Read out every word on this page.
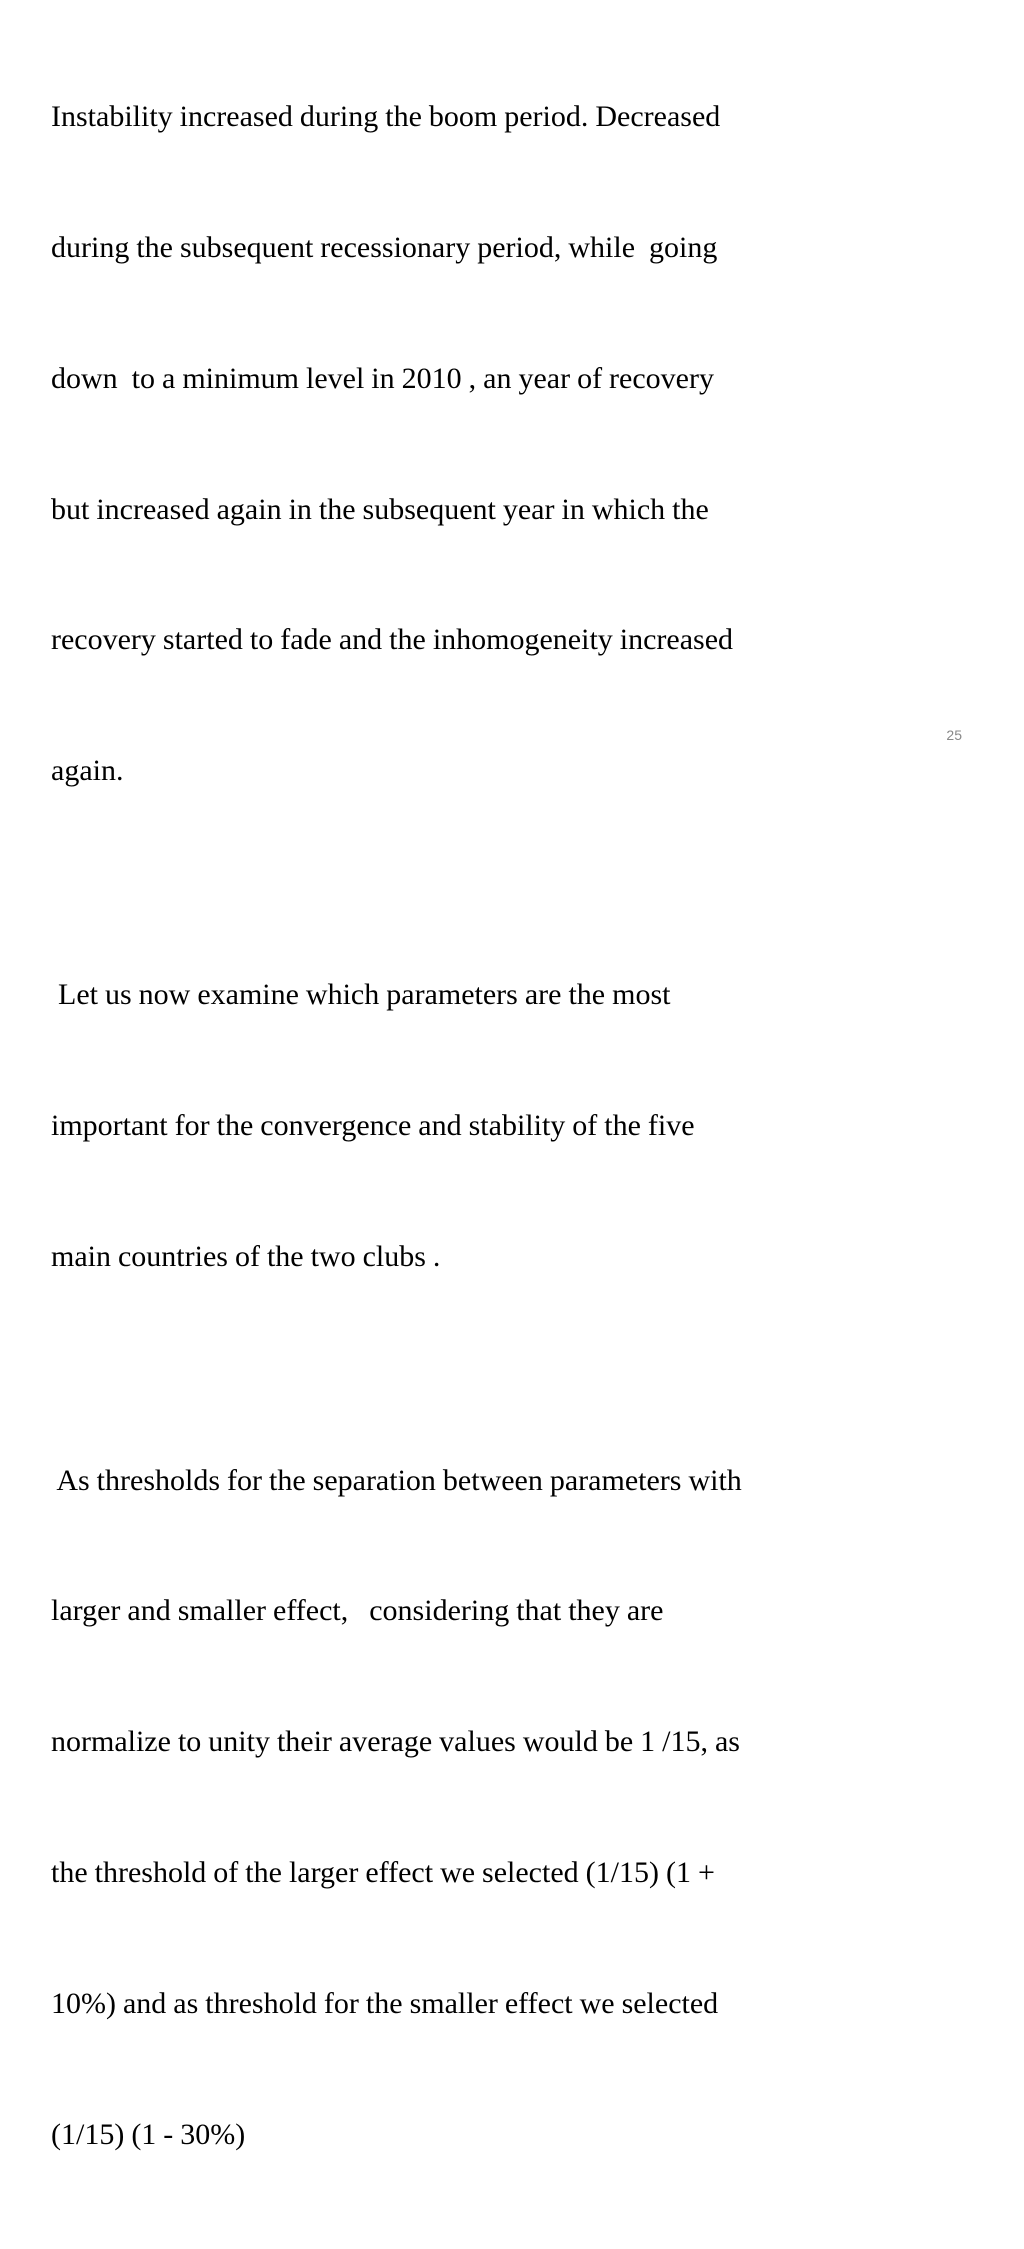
Instability increased during the boom period. Decreased

during the subsequent recessionary period, while  going

down  to a minimum level in 2010 , an year of recovery

but increased again in the subsequent year in which the

recovery started to fade and the inhomogeneity increased

again.

Let us now examine which parameters are the most

important for the convergence and stability of the five

main countries of the two clubs .

As thresholds for the separation between parameters with

larger and smaller effect,   considering that they are

normalize to unity their average values would be 1 /15, as

the threshold of the larger effect we selected (1/15) (1 +

10%) and as threshold for the smaller effect we selected

(1/15) (1 - 30%)

25
